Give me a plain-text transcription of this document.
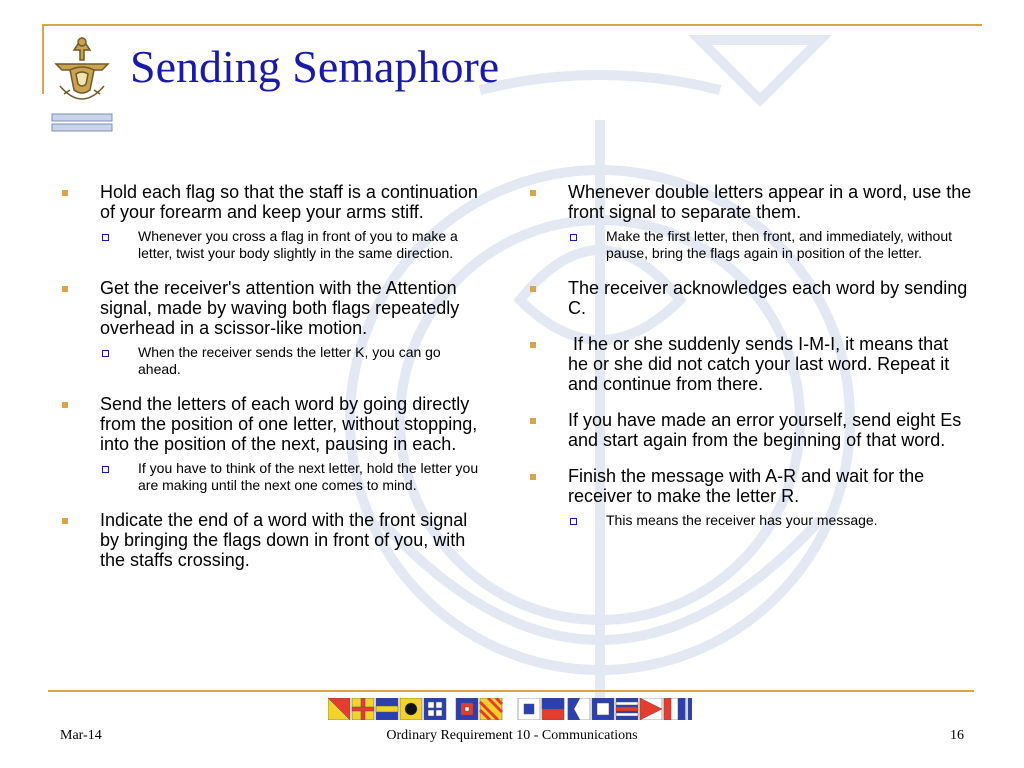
Sending Semaphore
Hold each flag so that the staff is a continuation of your forearm and keep your arms stiff.
Whenever you cross a flag in front of you to make a letter, twist your body slightly in the same direction.
Get the receiver's attention with the Attention signal, made by waving both flags repeatedly overhead in a scissor-like motion.
When the receiver sends the letter K, you can go ahead.
Send the letters of each word by going directly from the position of one letter, without stopping, into the position of the next, pausing in each.
If you have to think of the next letter, hold the letter you are making until the next one comes to mind.
Indicate the end of a word with the front signal by bringing the flags down in front of you, with the staffs crossing.
Whenever double letters appear in a word, use the front signal to separate them.
Make the first letter, then front, and immediately, without pause, bring the flags again in position of the letter.
The receiver acknowledges each word by sending C.
If he or she suddenly sends I-M-I, it means that he or she did not catch your last word. Repeat it and continue from there.
If you have made an error yourself, send eight Es and start again from the beginning of that word.
Finish the message with A-R and wait for the receiver to make the letter R.
This means the receiver has your message.
Mar-14	Ordinary Requirement 10 - Communications	16
